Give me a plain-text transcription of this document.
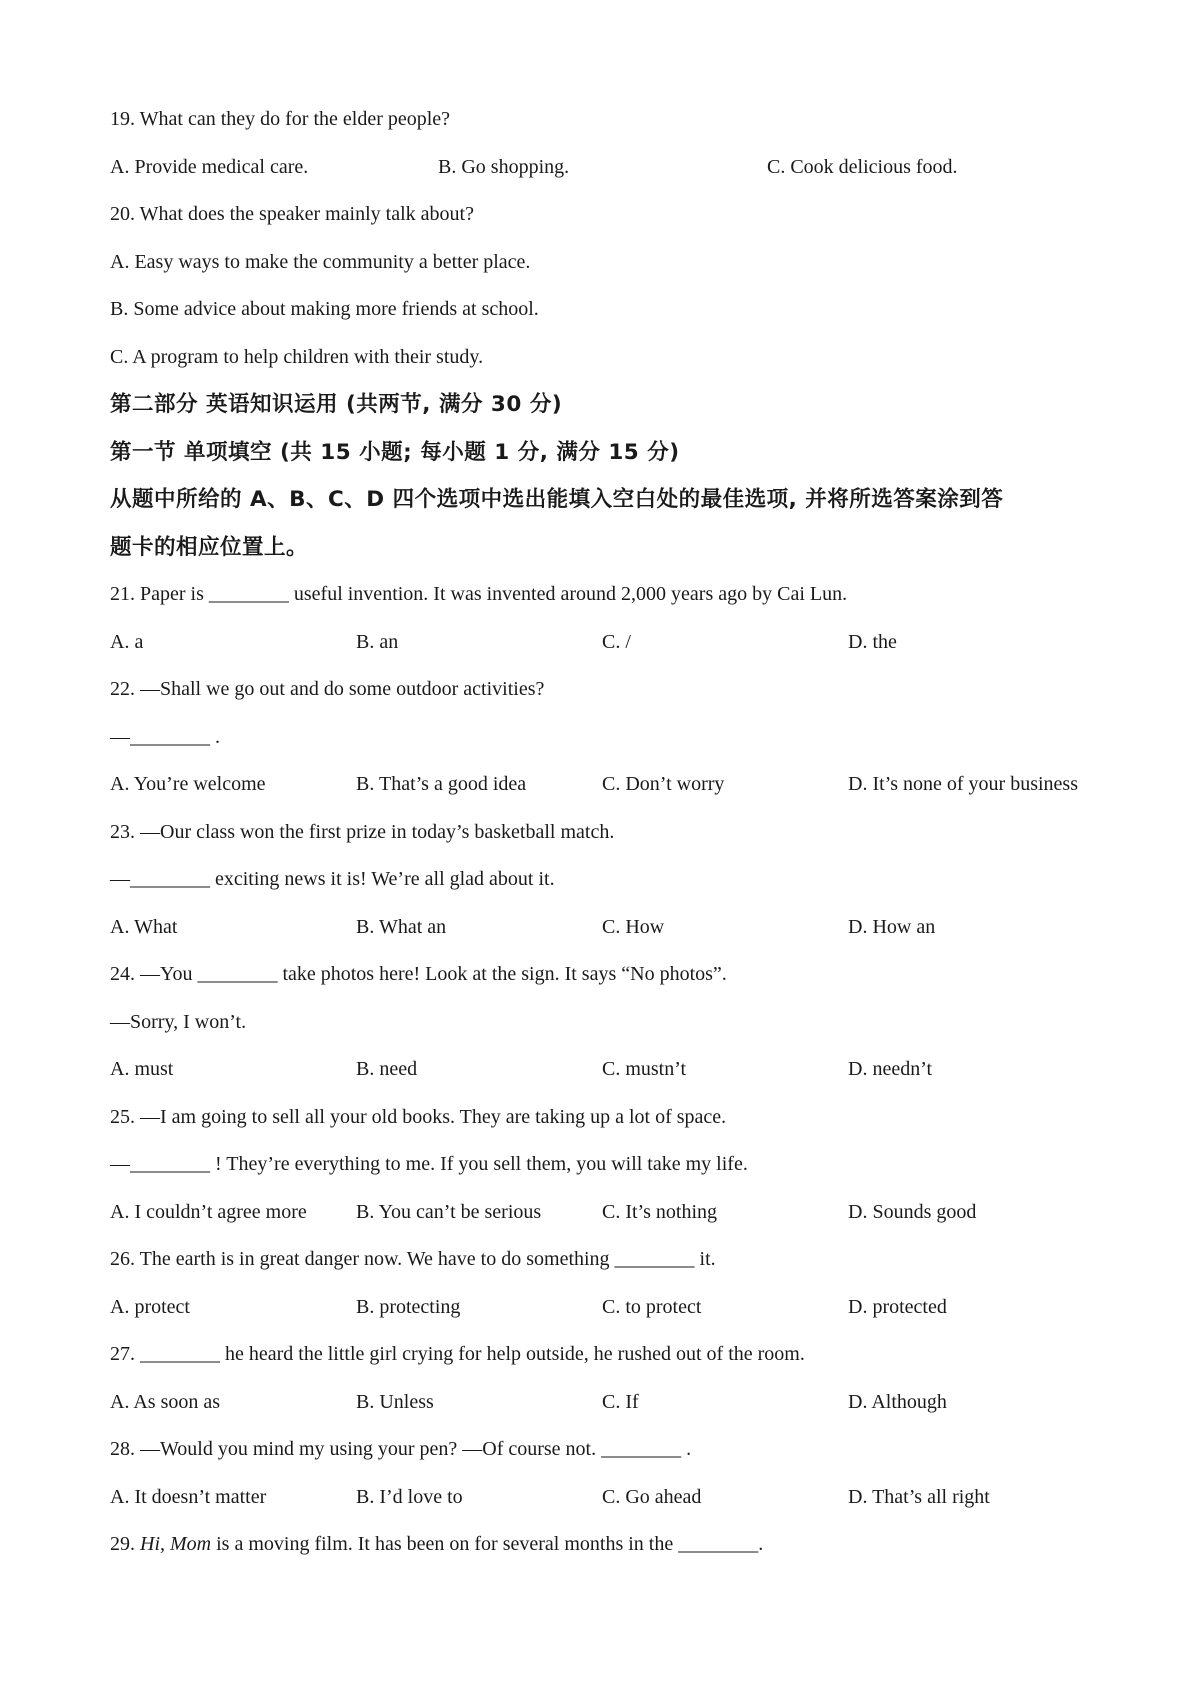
19. What can they do for the elder people?
A. Provide medical care.	B. Go shopping.	C. Cook delicious food.
20. What does the speaker mainly talk about?
A. Easy ways to make the community a better place.
B. Some advice about making more friends at school.
C. A program to help children with their study.
第二部分 英语知识运用 (共两节, 满分 30 分)
第一节 单项填空 (共 15 小题; 每小题 1 分, 满分 15 分)
从题中所给的 A、B、C、D 四个选项中选出能填入空白处的最佳选项, 并将所选答案涂到答
题卡的相应位置上。
21. Paper is ________ useful invention. It was invented around 2,000 years ago by Cai Lun.
A. a	B. an	C. /	D. the
22. —Shall we go out and do some outdoor activities?
—________ .
A. You’re welcome	B. That’s a good idea	C. Don’t worry	D. It’s none of your business
23. —Our class won the first prize in today’s basketball match.
—________ exciting news it is! We’re all glad about it.
A. What	B. What an	C. How	D. How an
24. —You ________ take photos here! Look at the sign. It says “No photos”.
—Sorry, I won’t.
A. must	B. need	C. mustn’t	D. needn’t
25. —I am going to sell all your old books. They are taking up a lot of space.
—________ ! They’re everything to me. If you sell them, you will take my life.
A. I couldn’t agree more B. You can’t be serious	C. It’s nothing	D. Sounds good
26. The earth is in great danger now. We have to do something ________ it.
A. protect	B. protecting	C. to protect	D. protected
27. ________ he heard the little girl crying for help outside, he rushed out of the room.
A. As soon as	B. Unless	C. If	D. Although
28. —Would you mind my using your pen? —Of course not. ________ .
A. It doesn’t matter	B. I’d love to	C. Go ahead	D. That’s all right
29. Hi, Mom is a moving film. It has been on for several months in the ________.
